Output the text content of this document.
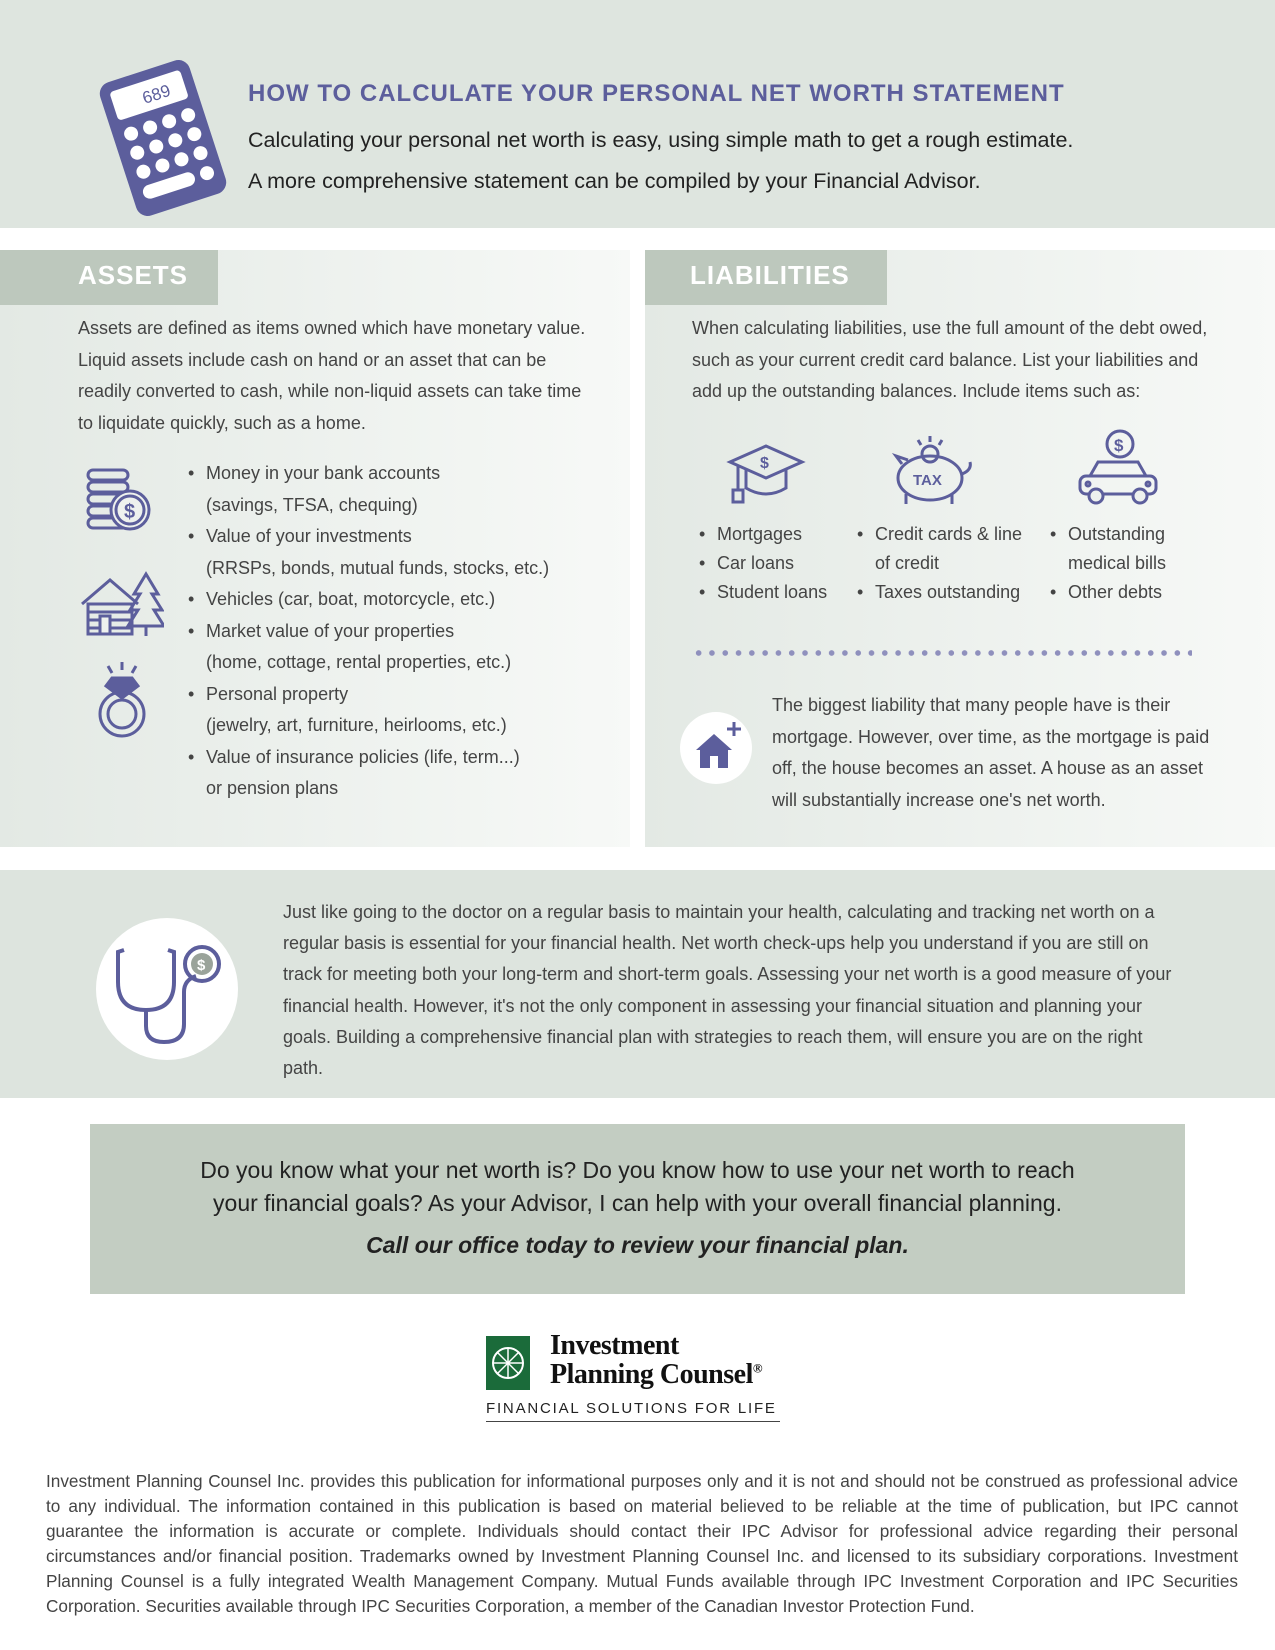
689	HOW TO CALCULATE YOUR PERSONAL NET WORTH STATEMENT
Calculating your personal net worth is easy, using simple math to get a rough estimate.
A more comprehensive statement can be compiled by your Financial Advisor.
ASSETS
Assets are defined as items owned which have monetary value. Liquid assets include cash on hand or an asset that can be readily converted to cash, while non-liquid assets can take time to liquidate quickly, such as a home.
$
• Money in your bank accounts
(savings, TFSA, chequing)
• Value of your investments
(RRSPs, bonds, mutual funds, stocks, etc.)
• Vehicles (car, boat, motorcycle, etc.)
• Market value of your properties
(home, cottage, rental properties, etc.)
• Personal property
(jewelry, art, furniture, heirlooms, etc.)
• Value of insurance policies (life, term...)
or pension plans
LIABILITIES
When calculating liabilities, use the full amount of the debt owed, such as your current credit card balance. List your liabilities and add up the outstanding balances. Include items such as:
$
TAX
$
• Mortgages
• Car loans
• Student loans
• Credit cards & line of credit
• Taxes outstanding
• Outstanding medical bills
• Other debts
The biggest liability that many people have is their mortgage. However, over time, as the mortgage is paid off, the house becomes an asset. A house as an asset will substantially increase one's net worth.
$
Just like going to the doctor on a regular basis to maintain your health, calculating and tracking net worth on a regular basis is essential for your financial health. Net worth check-ups help you understand if you are still on track for meeting both your long-term and short-term goals. Assessing your net worth is a good measure of your financial health. However, it's not the only component in assessing your financial situation and planning your goals. Building a comprehensive financial plan with strategies to reach them, will ensure you are on the right path.
Do you know what your net worth is? Do you know how to use your net worth to reach
your financial goals? As your Advisor, I can help with your overall financial planning.
Call our office today to review your financial plan.
Investment
Planning Counsel®
FINANCIAL SOLUTIONS FOR LIFE
Investment Planning Counsel Inc. provides this publication for informational purposes only and it is not and should not be construed as professional advice to any individual. The information contained in this publication is based on material believed to be reliable at the time of publication, but IPC cannot guarantee the information is accurate or complete. Individuals should contact their IPC Advisor for professional advice regarding their personal circumstances and/or financial position. Trademarks owned by Investment Planning Counsel Inc. and licensed to its subsidiary corporations. Investment Planning Counsel is a fully integrated Wealth Management Company. Mutual Funds available through IPC Investment Corporation and IPC Securities Corporation. Securities available through IPC Securities Corporation, a member of the Canadian Investor Protection Fund.
